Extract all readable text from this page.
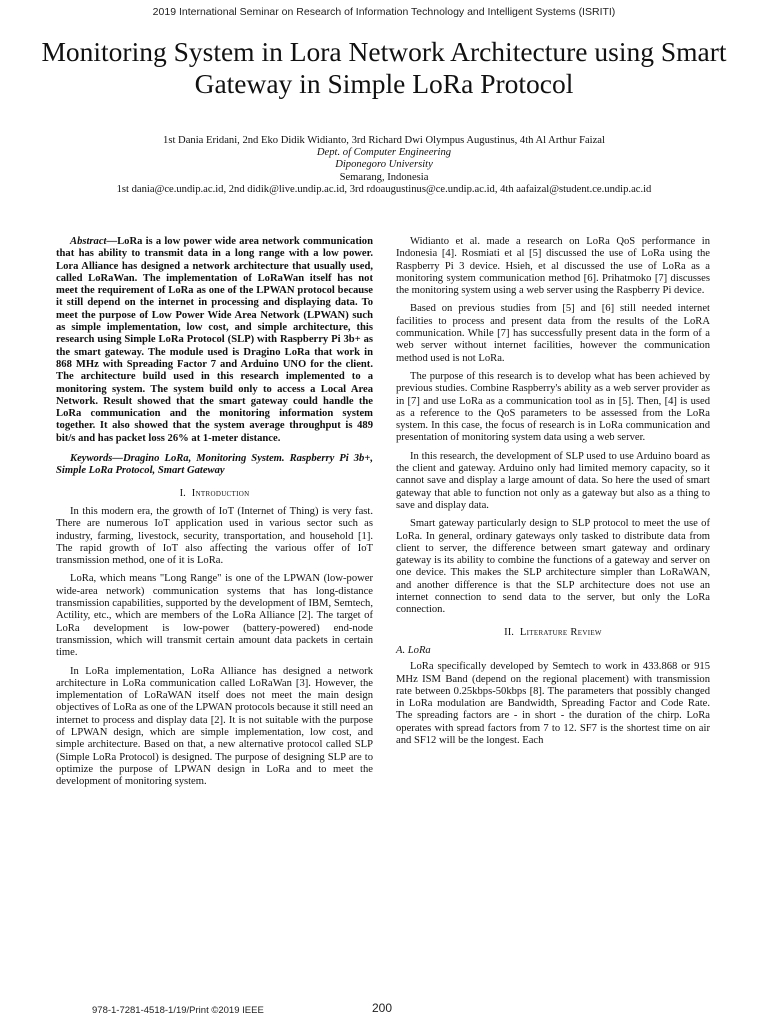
2019 International Seminar on Research of Information Technology and Intelligent Systems (ISRITI)
Monitoring System in Lora Network Architecture using Smart Gateway in Simple LoRa Protocol
1st Dania Eridani, 2nd Eko Didik Widianto, 3rd Richard Dwi Olympus Augustinus, 4th Al Arthur Faizal
Dept. of Computer Engineering
Diponegoro University
Semarang, Indonesia
1st dania@ce.undip.ac.id, 2nd didik@live.undip.ac.id, 3rd rdoaugustinus@ce.undip.ac.id, 4th aafaizal@student.ce.undip.ac.id

Abstract—LoRa is a low power wide area network communication that has ability to transmit data in a long range with a low power. Lora Alliance has designed a network architecture that usually used, called LoRaWan. The implementation of LoRaWan itself has not meet the requirement of LoRa as one of the LPWAN protocol because it still depend on the internet in processing and displaying data. To meet the purpose of Low Power Wide Area Network (LPWAN) such as simple implementation, low cost, and simple architecture, this research using Simple LoRa Protocol (SLP) with Raspberry Pi 3b+ as the smart gateway. The module used is Dragino LoRa that work in 868 MHz with Spreading Factor 7 and Arduino UNO for the client. The architecture build used in this research implemented to a monitoring system. The system build only to access a Local Area Network. Result showed that the smart gateway could handle the LoRa communication and the monitoring information system together. It also showed that the system average throughput is 489 bit/s and has packet loss 26% at 1-meter distance.

Keywords—Dragino LoRa, Monitoring System. Raspberry Pi 3b+, Simple LoRa Protocol, Smart Gateway

I. Introduction

In this modern era, the growth of IoT (Internet of Thing) is very fast. There are numerous IoT application used in various sector such as industry, farming, livestock, security, transportation, and household [1]. The rapid growth of IoT also affecting the various offer of IoT transmission method, one of it is LoRa.

LoRa, which means "Long Range" is one of the LPWAN (low-power wide-area network) communication systems that has long-distance transmission capabilities, supported by the development of IBM, Semtech, Actility, etc., which are members of the LoRa Alliance [2]. The target of LoRa development is low-power (battery-powered) end-node transmission, which will transmit certain amount data packets in certain time.

In LoRa implementation, LoRa Alliance has designed a network architecture in LoRa communication called LoRaWan [3]. However, the implementation of LoRaWAN itself does not meet the main design objectives of LoRa as one of the LPWAN protocols because it still need an internet to process and display data [2]. It is not suitable with the purpose of LPWAN design, which are simple implementation, low cost, and simple architecture. Based on that, a new alternative protocol called SLP (Simple LoRa Protocol) is designed. The purpose of designing SLP are to optimize the purpose of LPWAN design in LoRa and to meet the development of monitoring system.

Widianto et al. made a research on LoRa QoS performance in Indonesia [4]. Rosmiati et al [5] discussed the use of LoRa using the Raspberry Pi 3 device. Hsieh, et al discussed the use of LoRa as a monitoring system communication method [6]. Prihatmoko [7] discusses the monitoring system using a web server using the Raspberry Pi device.

Based on previous studies from [5] and [6] still needed internet facilities to process and present data from the results of the LoRA communication. While [7] has successfully present data in the form of a web server without internet facilities, however the communication method used is not LoRa.

The purpose of this research is to develop what has been achieved by previous studies. Combine Raspberry's ability as a web server provider as in [7] and use LoRa as a communication tool as in [5]. Then, [4] is used as a reference to the QoS parameters to be assessed from the LoRa system. In this case, the focus of research is in LoRa communication and presentation of monitoring system data using a web server.

In this research, the development of SLP used to use Arduino board as the client and gateway. Arduino only had limited memory capacity, so it cannot save and display a large amount of data. So here the used of smart gateway that able to function not only as a gateway but also as a thing to save and display data.

Smart gateway particularly design to SLP protocol to meet the use of LoRa. In general, ordinary gateways only tasked to distribute data from client to server, the difference between smart gateway and ordinary gateway is its ability to combine the functions of a gateway and server on one device. This makes the SLP architecture simpler than LoRaWAN, and another difference is that the SLP architecture does not use an internet connection to send data to the server, but only the LoRa connection.

II. Literature Review
A. LoRa

LoRa specifically developed by Semtech to work in 433.868 or 915 MHz ISM Band (depend on the regional placement) with transmission rate between 0.25kbps-50kbps [8]. The parameters that possibly changed in LoRa modulation are Bandwidth, Spreading Factor and Code Rate. The spreading factors are - in short - the duration of the chirp. LoRa operates with spread factors from 7 to 12. SF7 is the shortest time on air and SF12 will be the longest. Each

978-1-7281-4518-1/19/Print ©2019 IEEE	200
